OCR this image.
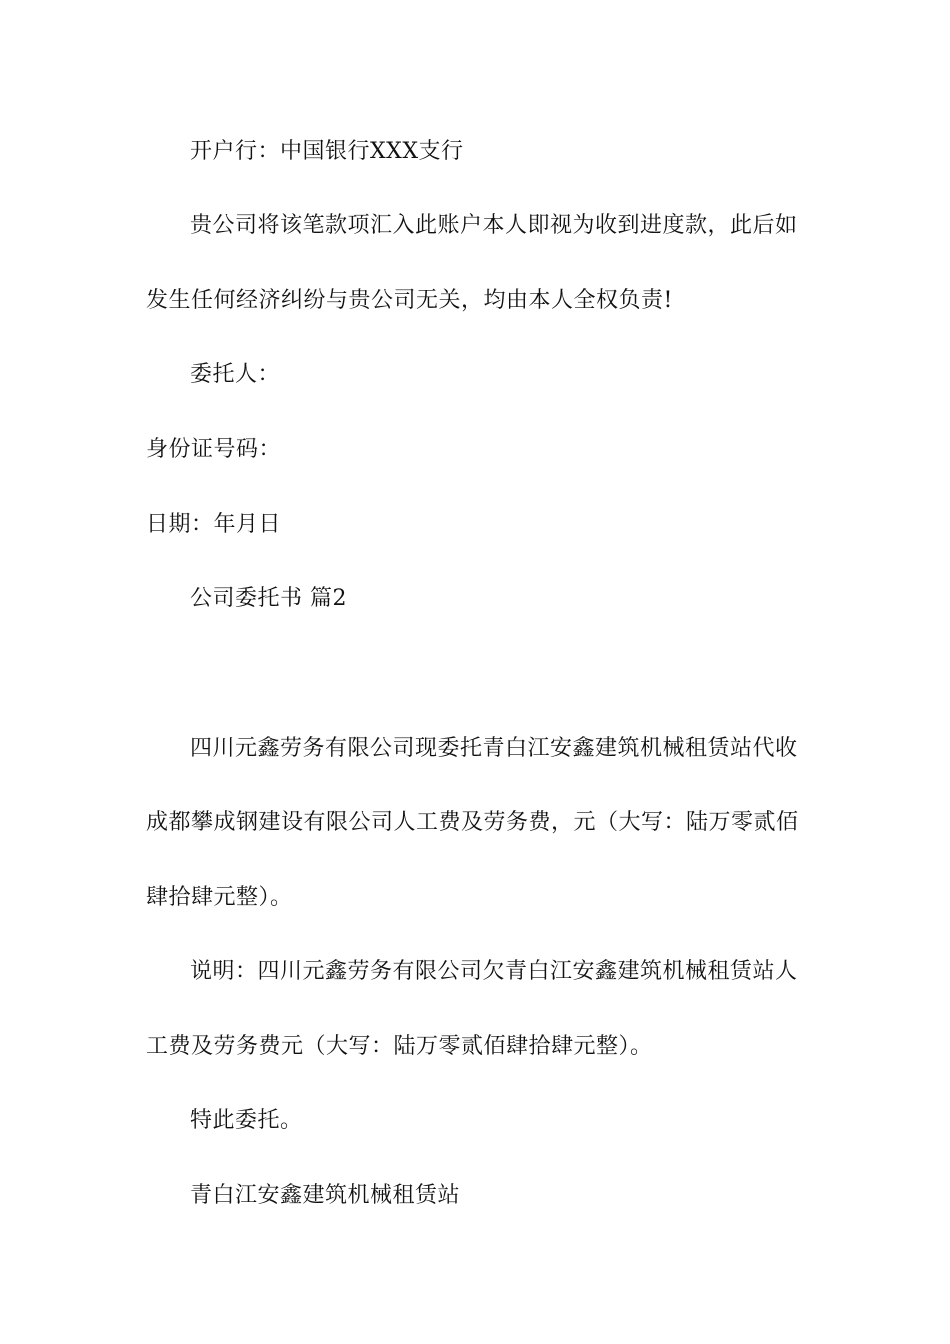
开户行：中国银行XXX支行
贵公司将该笔款项汇入此账户本人即视为收到进度款，此后如
发生任何经济纠纷与贵公司无关，均由本人全权负责!
委托人：
身份证号码：
日期：年月日
公司委托书 篇2
四川元鑫劳务有限公司现委托青白江安鑫建筑机械租赁站代收
成都攀成钢建设有限公司人工费及劳务费，元（大写：陆万零贰佰
肆拾肆元整）。
说明：四川元鑫劳务有限公司欠青白江安鑫建筑机械租赁站人
工费及劳务费元（大写：陆万零贰佰肆拾肆元整）。
特此委托。
青白江安鑫建筑机械租赁站
